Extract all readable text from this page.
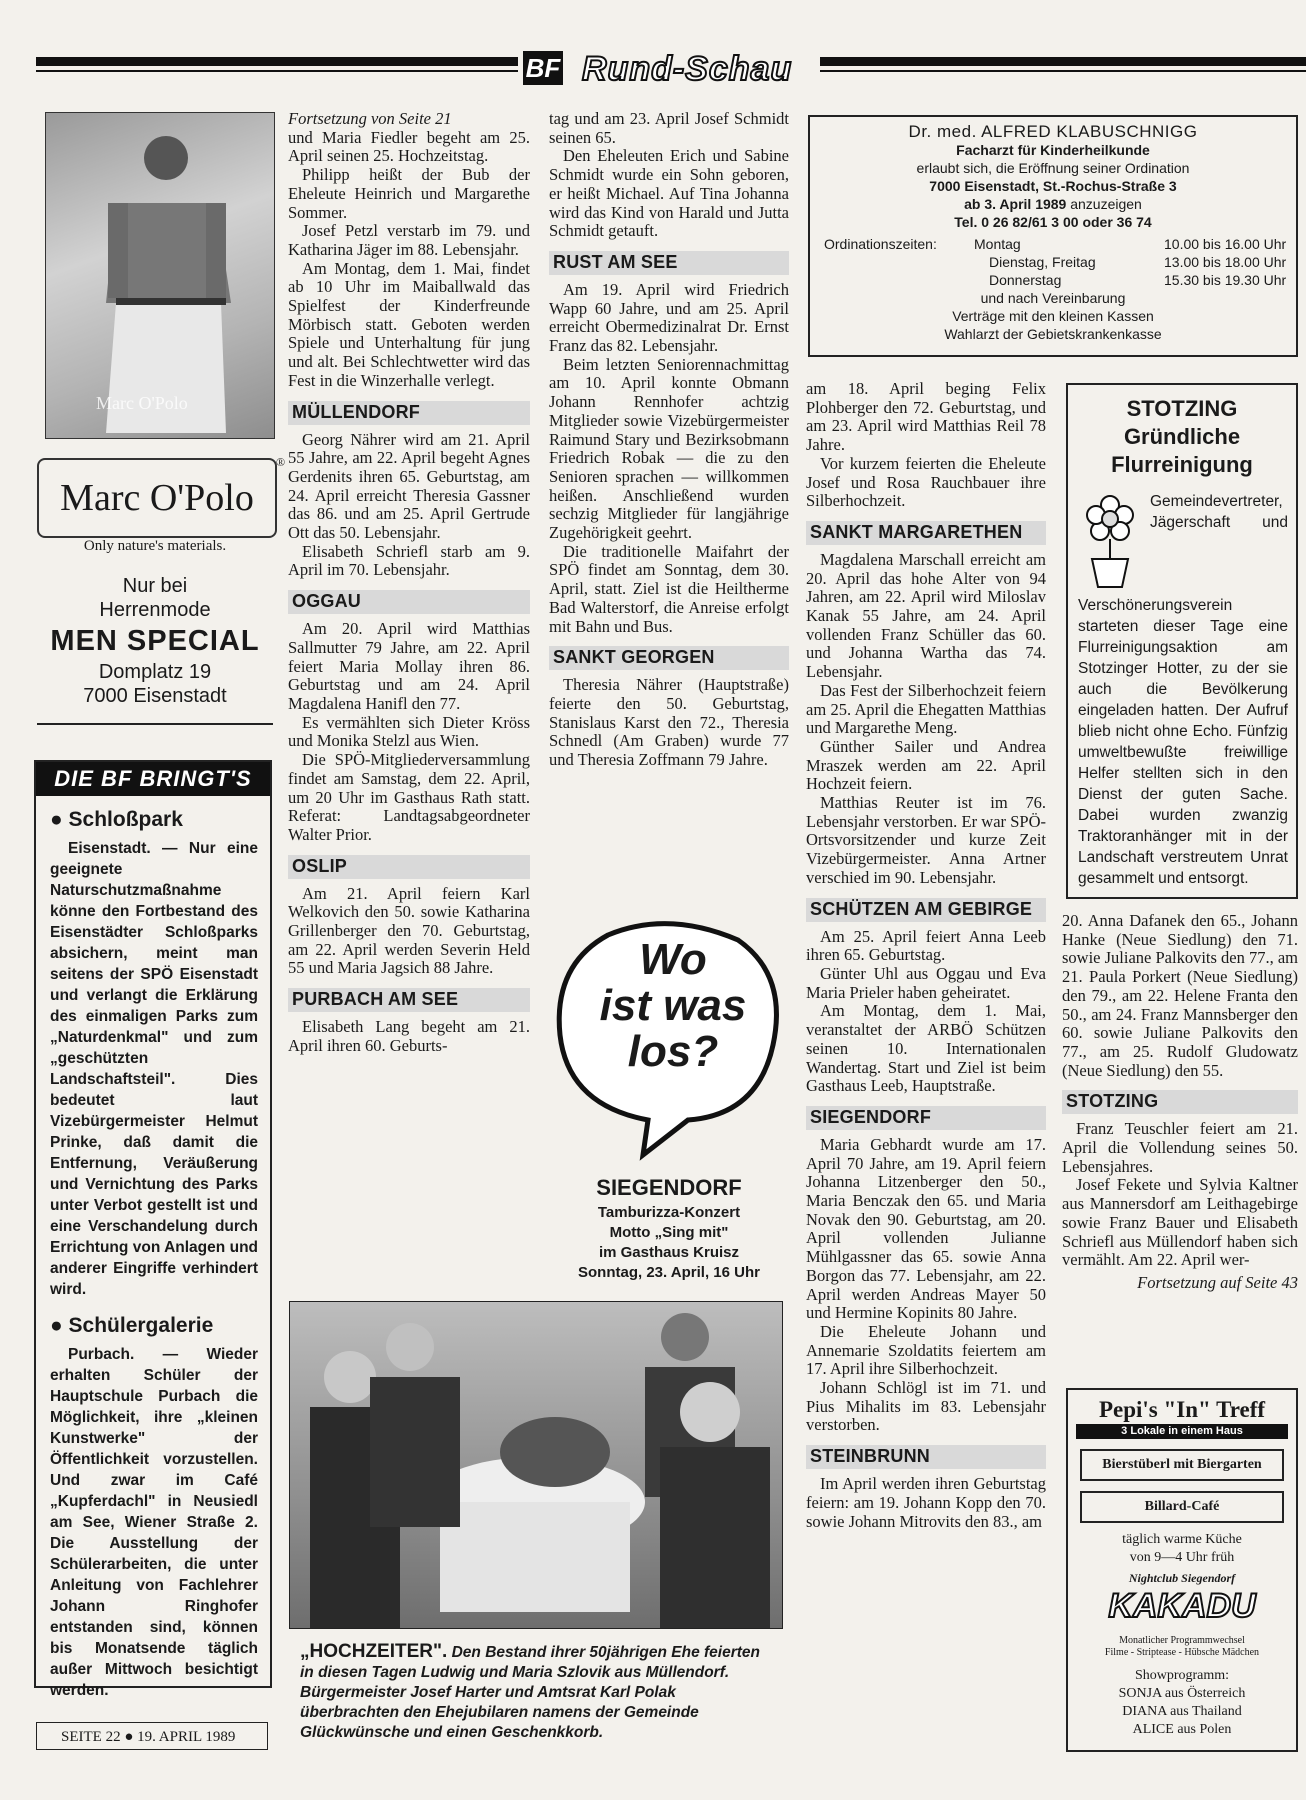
BF Rund-Schau
Marc O'Polo
Marc O'Polo
®
Only nature's materials.
Nur bei
Herrenmode
MEN SPECIAL
Domplatz 19
7000 Eisenstadt
DIE BF BRINGT'S
● Schloßpark

Eisenstadt. — Nur eine geeignete Naturschutzmaßnahme könne den Fortbestand des Eisenstädter Schloßparks absichern, meint man seitens der SPÖ Eisenstadt und verlangt die Erklärung des einmaligen Parks zum „Naturdenkmal" und zum „geschützten Landschaftsteil". Dies bedeutet laut Vizebürgermeister Helmut Prinke, daß damit die Entfernung, Veräußerung und Vernichtung des Parks unter Verbot gestellt ist und eine Verschandelung durch Errichtung von Anlagen und anderer Eingriffe verhindert wird.

● Schülergalerie

Purbach. — Wieder erhalten Schüler der Hauptschule Purbach die Möglichkeit, ihre „kleinen Kunstwerke" der Öffentlichkeit vorzustellen. Und zwar im Café „Kupferdachl" in Neusiedl am See, Wiener Straße 2. Die Ausstellung der Schülerarbeiten, die unter Anleitung von Fachlehrer Johann Ringhofer entstanden sind, können bis Monatsende täglich außer Mittwoch besichtigt werden.

SEITE 22 ● 19. APRIL 1989

Fortsetzung von Seite 21

und Maria Fiedler begeht am 25. April seinen 25. Hochzeitstag.

Philipp heißt der Bub der Eheleute Heinrich und Margarethe Sommer.

Josef Petzl verstarb im 79. und Katharina Jäger im 88. Lebensjahr.

Am Montag, dem 1. Mai, findet ab 10 Uhr im Maiballwald das Spielfest der Kinderfreunde Mörbisch statt. Geboten werden Spiele und Unterhaltung für jung und alt. Bei Schlechtwetter wird das Fest in die Winzerhalle verlegt.

MÜLLENDORF

Georg Nährer wird am 21. April 55 Jahre, am 22. April begeht Agnes Gerdenits ihren 65. Geburtstag, am 24. April erreicht Theresia Gassner das 86. und am 25. April Gertrude Ott das 50. Lebensjahr.

Elisabeth Schriefl starb am 9. April im 70. Lebensjahr.

OGGAU

Am 20. April wird Matthias Sallmutter 79 Jahre, am 22. April feiert Maria Mollay ihren 86. Geburtstag und am 24. April Magdalena Hanifl den 77.

Es vermählten sich Dieter Kröss und Monika Stelzl aus Wien.

Die SPÖ-Mitgliederversammlung findet am Samstag, dem 22. April, um 20 Uhr im Gasthaus Rath statt. Referat: Landtagsabgeordneter Walter Prior.

OSLIP

Am 21. April feiern Karl Welkovich den 50. sowie Katharina Grillenberger den 70. Geburtstag, am 22. April werden Severin Held 55 und Maria Jagsich 88 Jahre.

PURBACH AM SEE

Elisabeth Lang begeht am 21. April ihren 60. Geburts-

tag und am 23. April Josef Schmidt seinen 65.

Den Eheleuten Erich und Sabine Schmidt wurde ein Sohn geboren, er heißt Michael. Auf Tina Johanna wird das Kind von Harald und Jutta Schmidt getauft.

RUST AM SEE

Am 19. April wird Friedrich Wapp 60 Jahre, und am 25. April erreicht Obermedizinalrat Dr. Ernst Franz das 82. Lebensjahr.

Beim letzten Seniorennachmittag am 10. April konnte Obmann Johann Rennhofer achtzig Mitglieder sowie Vizebürgermeister Raimund Stary und Bezirksobmann Friedrich Robak — die zu den Senioren sprachen — willkommen heißen. Anschließend wurden sechzig Mitglieder für langjährige Zugehörigkeit geehrt.

Die traditionelle Maifahrt der SPÖ findet am Sonntag, dem 30. April, statt. Ziel ist die Heiltherme Bad Walterstorf, die Anreise erfolgt mit Bahn und Bus.

SANKT GEORGEN

Theresia Nährer (Hauptstraße) feierte den 50. Geburtstag, Stanislaus Karst den 72., Theresia Schnedl (Am Graben) wurde 77 und Theresia Zoffmann 79 Jahre.

Wo
ist was
los?
SIEGENDORF
Tamburizza-Konzert
Motto „Sing mit"
im Gasthaus Kruisz
Sonntag, 23. April, 16 Uhr
„HOCHZEITER". Den Bestand ihrer 50jährigen Ehe feierten in diesen Tagen Ludwig und Maria Szlovik aus Müllendorf. Bürgermeister Josef Harter und Amtsrat Karl Polak überbrachten den Ehejubilaren namens der Gemeinde Glückwünsche und einen Geschenkkorb.
Dr. med. ALFRED KLABUSCHNIGG
Facharzt für Kinderheilkunde
erlaubt sich, die Eröffnung seiner Ordination
7000 Eisenstadt, St.-Rochus-Straße 3
ab 3. April 1989 anzuzeigen
Tel. 0 26 82/61 3 00 oder 36 74
Ordinationszeiten:	Montag	10.00 bis 16.00 Uhr
Dienstag, Freitag	13.00 bis 18.00 Uhr
Donnerstag	15.30 bis 19.30 Uhr
und nach Vereinbarung
Verträge mit den kleinen Kassen
Wahlarzt der Gebietskrankenkasse

am 18. April beging Felix Plohberger den 72. Geburtstag, und am 23. April wird Matthias Reil 78 Jahre.

Vor kurzem feierten die Eheleute Josef und Rosa Rauchbauer ihre Silberhochzeit.

SANKT MARGARETHEN

Magdalena Marschall erreicht am 20. April das hohe Alter von 94 Jahren, am 22. April wird Miloslav Kanak 55 Jahre, am 24. April vollenden Franz Schüller das 60. und Johanna Wartha das 74. Lebensjahr.

Das Fest der Silberhochzeit feiern am 25. April die Ehegatten Matthias und Margarethe Meng.

Günther Sailer und Andrea Mraszek werden am 22. April Hochzeit feiern.

Matthias Reuter ist im 76. Lebensjahr verstorben. Er war SPÖ-Ortsvorsitzender und kurze Zeit Vizebürgermeister. Anna Artner verschied im 90. Lebensjahr.

SCHÜTZEN AM GEBIRGE

Am 25. April feiert Anna Leeb ihren 65. Geburtstag.

Günter Uhl aus Oggau und Eva Maria Prieler haben geheiratet.

Am Montag, dem 1. Mai, veranstaltet der ARBÖ Schützen seinen 10. Internationalen Wandertag. Start und Ziel ist beim Gasthaus Leeb, Hauptstraße.

SIEGENDORF

Maria Gebhardt wurde am 17. April 70 Jahre, am 19. April feiern Johanna Litzenberger den 50., Maria Benczak den 65. und Maria Novak den 90. Geburtstag, am 20. April vollenden Julianne Mühlgassner das 65. sowie Anna Borgon das 77. Lebensjahr, am 22. April werden Andreas Mayer 50 und Hermine Kopinits 80 Jahre.

Die Eheleute Johann und Annemarie Szoldatits feiertem am 17. April ihre Silberhochzeit.

Johann Schlögl ist im 71. und Pius Mihalits im 83. Lebensjahr verstorben.

STEINBRUNN

Im April werden ihren Geburtstag feiern: am 19. Johann Kopp den 70. sowie Johann Mitrovits den 83., am

STOTZING
Gründliche
Flurreinigung
Gemeindevertreter, Jägerschaft und Verschönerungsverein starteten dieser Tage eine Flurreinigungsaktion am Stotzinger Hotter, zu der sie auch die Bevölkerung eingeladen hatten. Der Aufruf blieb nicht ohne Echo. Fünfzig umweltbewußte freiwillige Helfer stellten sich in den Dienst der guten Sache. Dabei wurden zwanzig Traktoranhänger mit in der Landschaft verstreutem Unrat gesammelt und entsorgt.

20. Anna Dafanek den 65., Johann Hanke (Neue Siedlung) den 71. sowie Juliane Palkovits den 77., am 21. Paula Porkert (Neue Siedlung) den 79., am 22. Helene Franta den 50., am 24. Franz Mannsberger den 60. sowie Juliane Palkovits den 77., am 25. Rudolf Gludowatz (Neue Siedlung) den 55.

STOTZING

Franz Teuschler feiert am 21. April die Vollendung seines 50. Lebensjahres.

Josef Fekete und Sylvia Kaltner aus Mannersdorf am Leithagebirge sowie Franz Bauer und Elisabeth Schriefl aus Müllendorf haben sich vermählt. Am 22. April wer-

Fortsetzung auf Seite 43

Pepi's "In" Treff
3 Lokale in einem Haus
Bierstüberl mit Biergarten
Billard-Café
täglich warme Küche
von 9—4 Uhr früh
Nightclub Siegendorf
KAKADU
Monatlicher Programmwechsel
Filme - Striptease - Hübsche Mädchen
Showprogramm:
SONJA aus Österreich
DIANA aus Thailand
ALICE aus Polen
